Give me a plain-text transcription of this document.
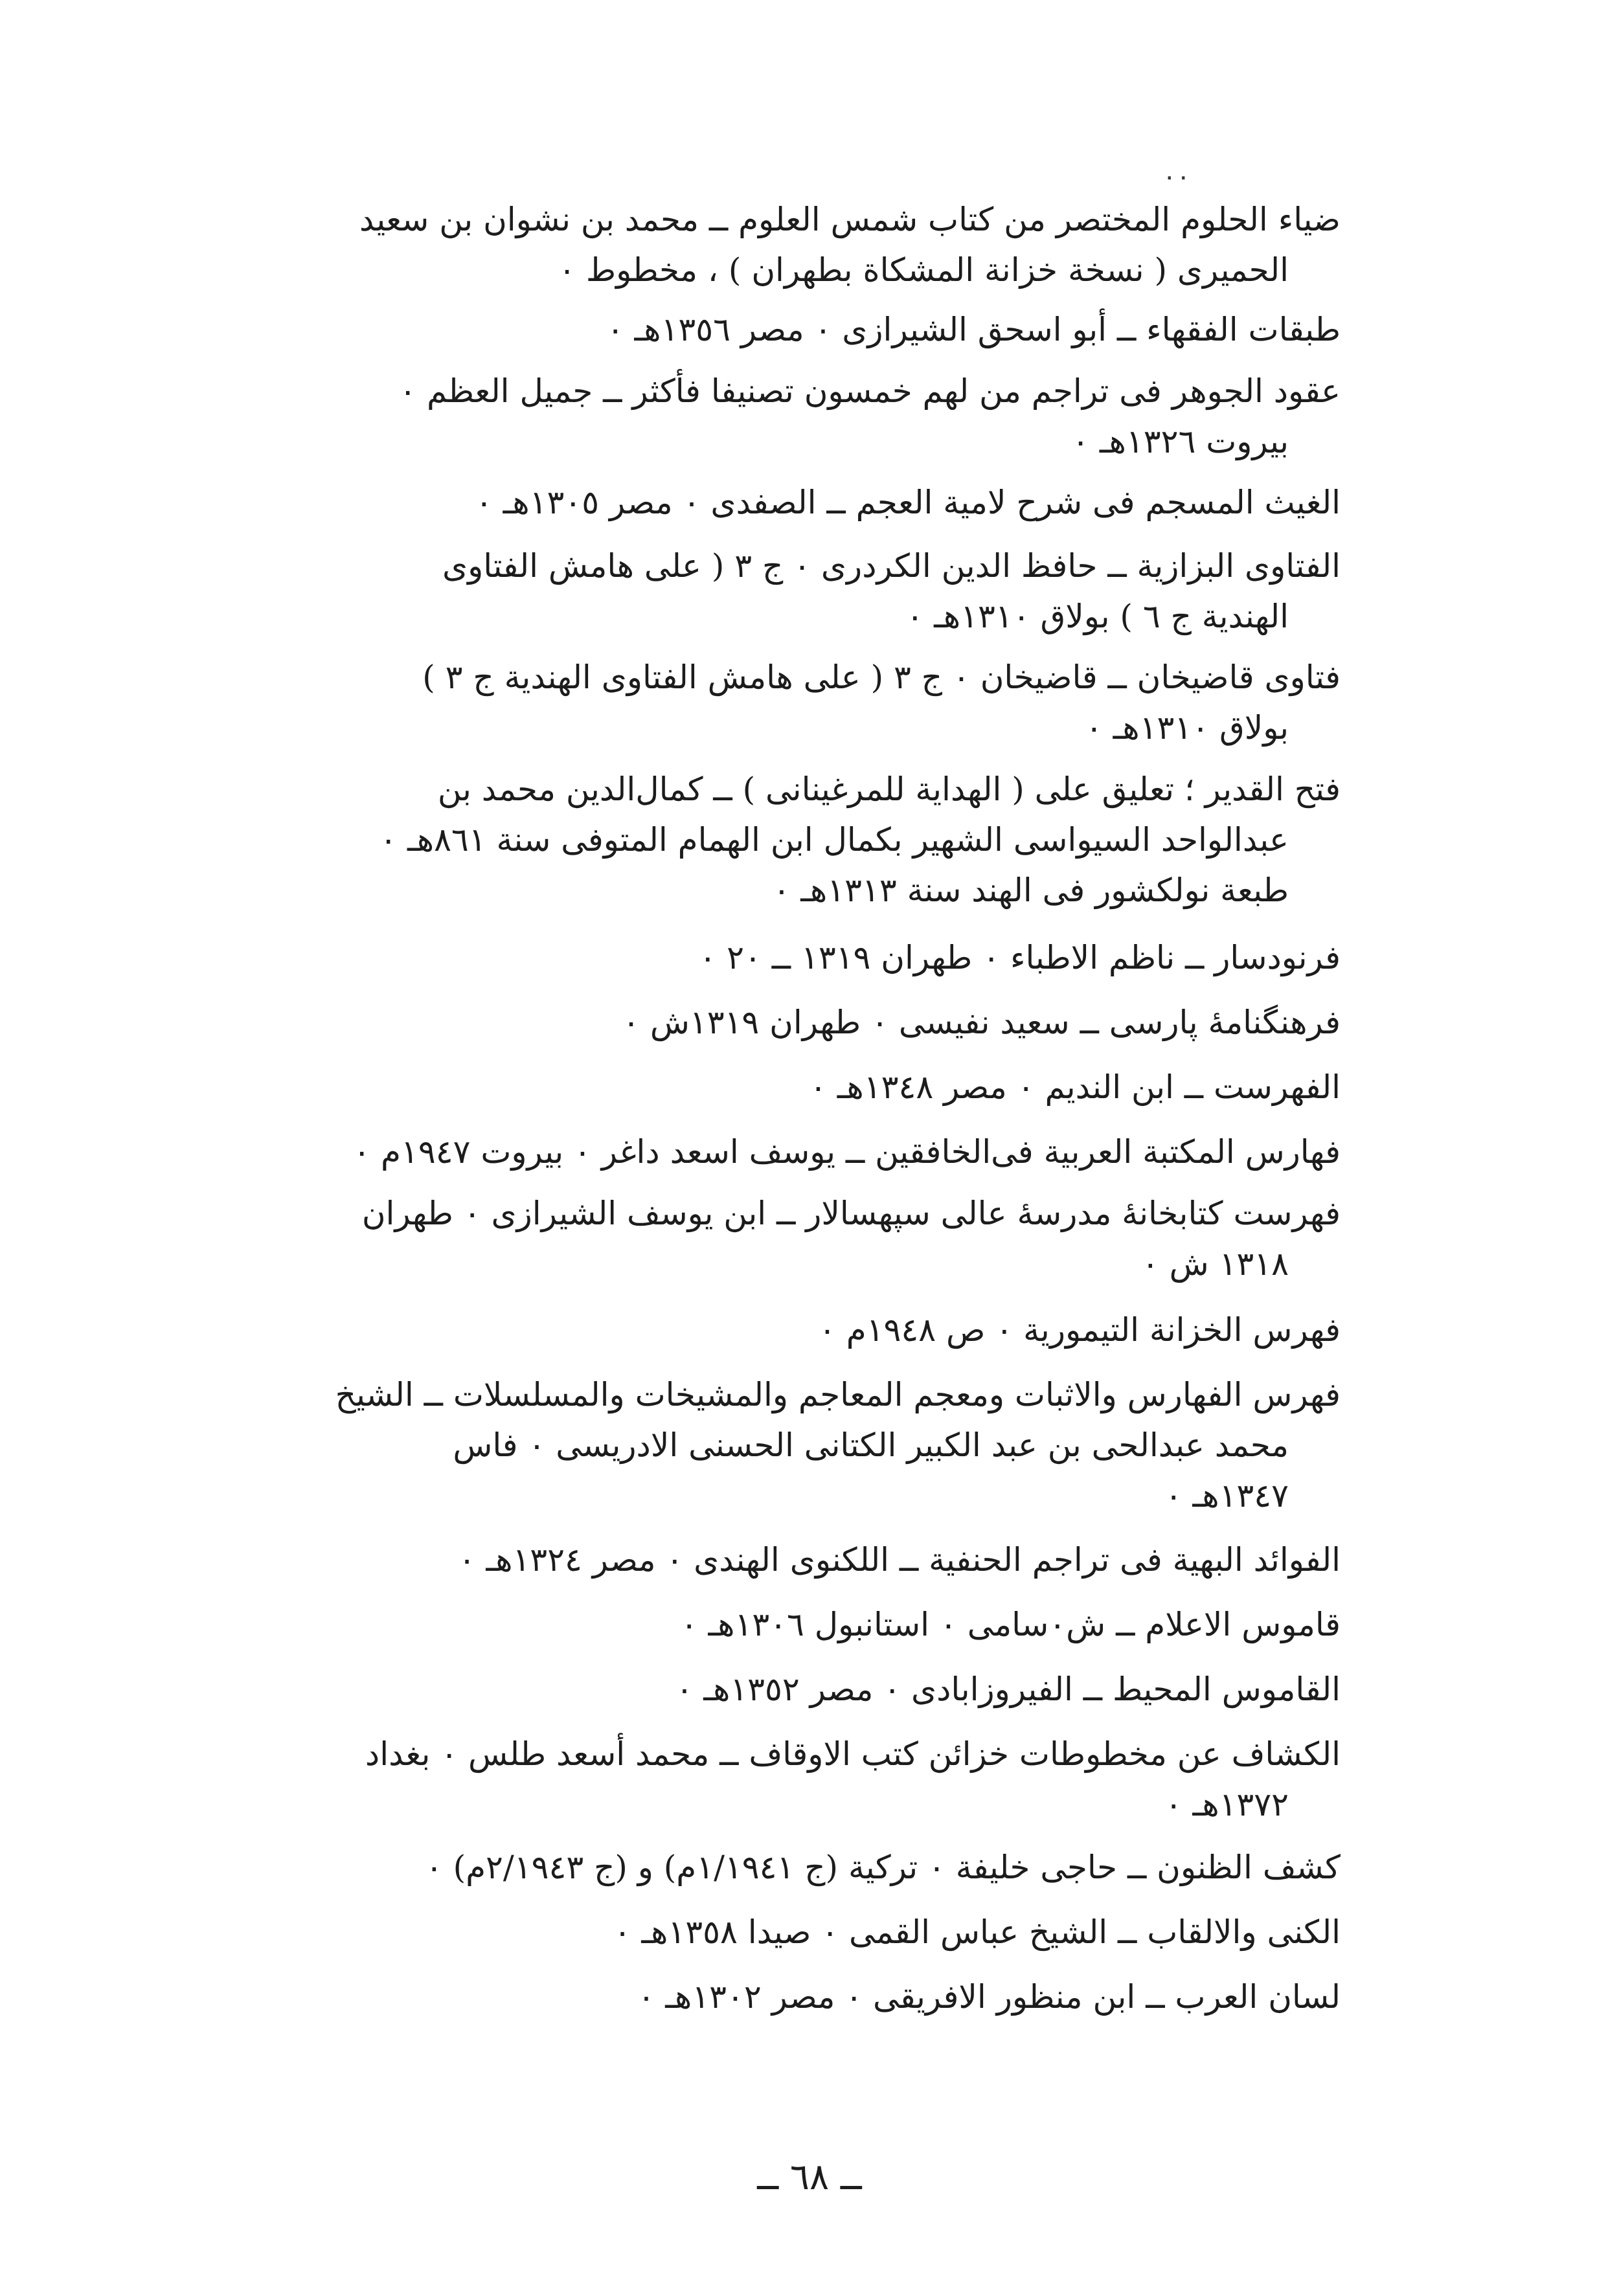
٠٠
ضياء الحلوم المختصر من كتاب شمس العلوم ــ محمد بن نشوان بن سعيد
الحميرى ( نسخة خزانة المشكاة بطهران ) ، مخطوط ٠
طبقات الفقهاء ــ أبو اسحق الشيرازى ٠ مصر ١٣٥٦هـ ٠
عقود الجوهر فى تراجم من لهم خمسون تصنيفا فأكثر ــ جميل العظم ٠
بيروت ١٣٢٦هـ ٠
الغيث المسجم فى شرح لامية العجم ــ الصفدى ٠ مصر ١٣٠٥هـ ٠
الفتاوى البزازية ــ حافظ الدين الكردرى ٠ ج ٣ ( على هامش الفتاوى
الهندية ج ٦ ) بولاق ١٣١٠هـ ٠
فتاوى قاضيخان ــ قاضيخان ٠ ج ٣ ( على هامش الفتاوى الهندية ج ٣ )
بولاق ١٣١٠هـ ٠
فتح القدير ؛ تعليق على ( الهداية للمرغينانى ) ــ كمال‌الدين محمد بن
عبدالواحد السيواسى الشهير بكمال ابن الهمام المتوفى سنة ٨٦١هـ ٠
طبعة نولكشور فى الهند سنة ١٣١٣هـ ٠
فرنودسار ــ ناظم الاطباء ٠ طهران ١٣١٩ ــ ٢٠ ٠
فرهنگنامهٔ پارسى ــ سعيد نفيسى ٠ طهران ١٣١٩ش ٠
الفهرست ــ ابن النديم ٠ مصر ١٣٤٨هـ ٠
فهارس المكتبة العربية فى‌الخافقين ــ يوسف اسعد داغر ٠ بيروت ١٩٤٧م ٠
فهرست كتابخانهٔ مدرسهٔ عالى سپهسالار ــ ابن يوسف الشيرازى ٠ طهران
١٣١٨ ش ٠
فهرس الخزانة التيمورية ٠ ص ١٩٤٨م ٠
فهرس الفهارس والاثبات ومعجم المعاجم والمشيخات والمسلسلات ــ الشيخ
محمد عبدالحى بن عبد الكبير الكتانى الحسنى الادريسى ٠ فاس
١٣٤٧هـ ٠
الفوائد البهية فى تراجم الحنفية ــ اللكنوى الهندى ٠ مصر ١٣٢٤هـ ٠
قاموس الاعلام ــ ش٠سامى ٠ استانبول ١٣٠٦هـ ٠
القاموس المحيط ــ الفيروزابادى ٠ مصر ١٣٥٢هـ ٠
الكشاف عن مخطوطات خزائن كتب الاوقاف ــ محمد أسعد طلس ٠ بغداد
١٣٧٢هـ ٠
كشف الظنون ــ حاجى خليفة ٠ تركية (ج ١/١٩٤١م) و (ج ٢/١٩٤٣م) ٠
الكنى والالقاب ــ الشيخ عباس القمى ٠ صيدا ١٣٥٨هـ ٠
لسان العرب ــ ابن منظور الافريقى ٠ مصر ١٣٠٢هـ ٠
ــ ٦٨ ــ
